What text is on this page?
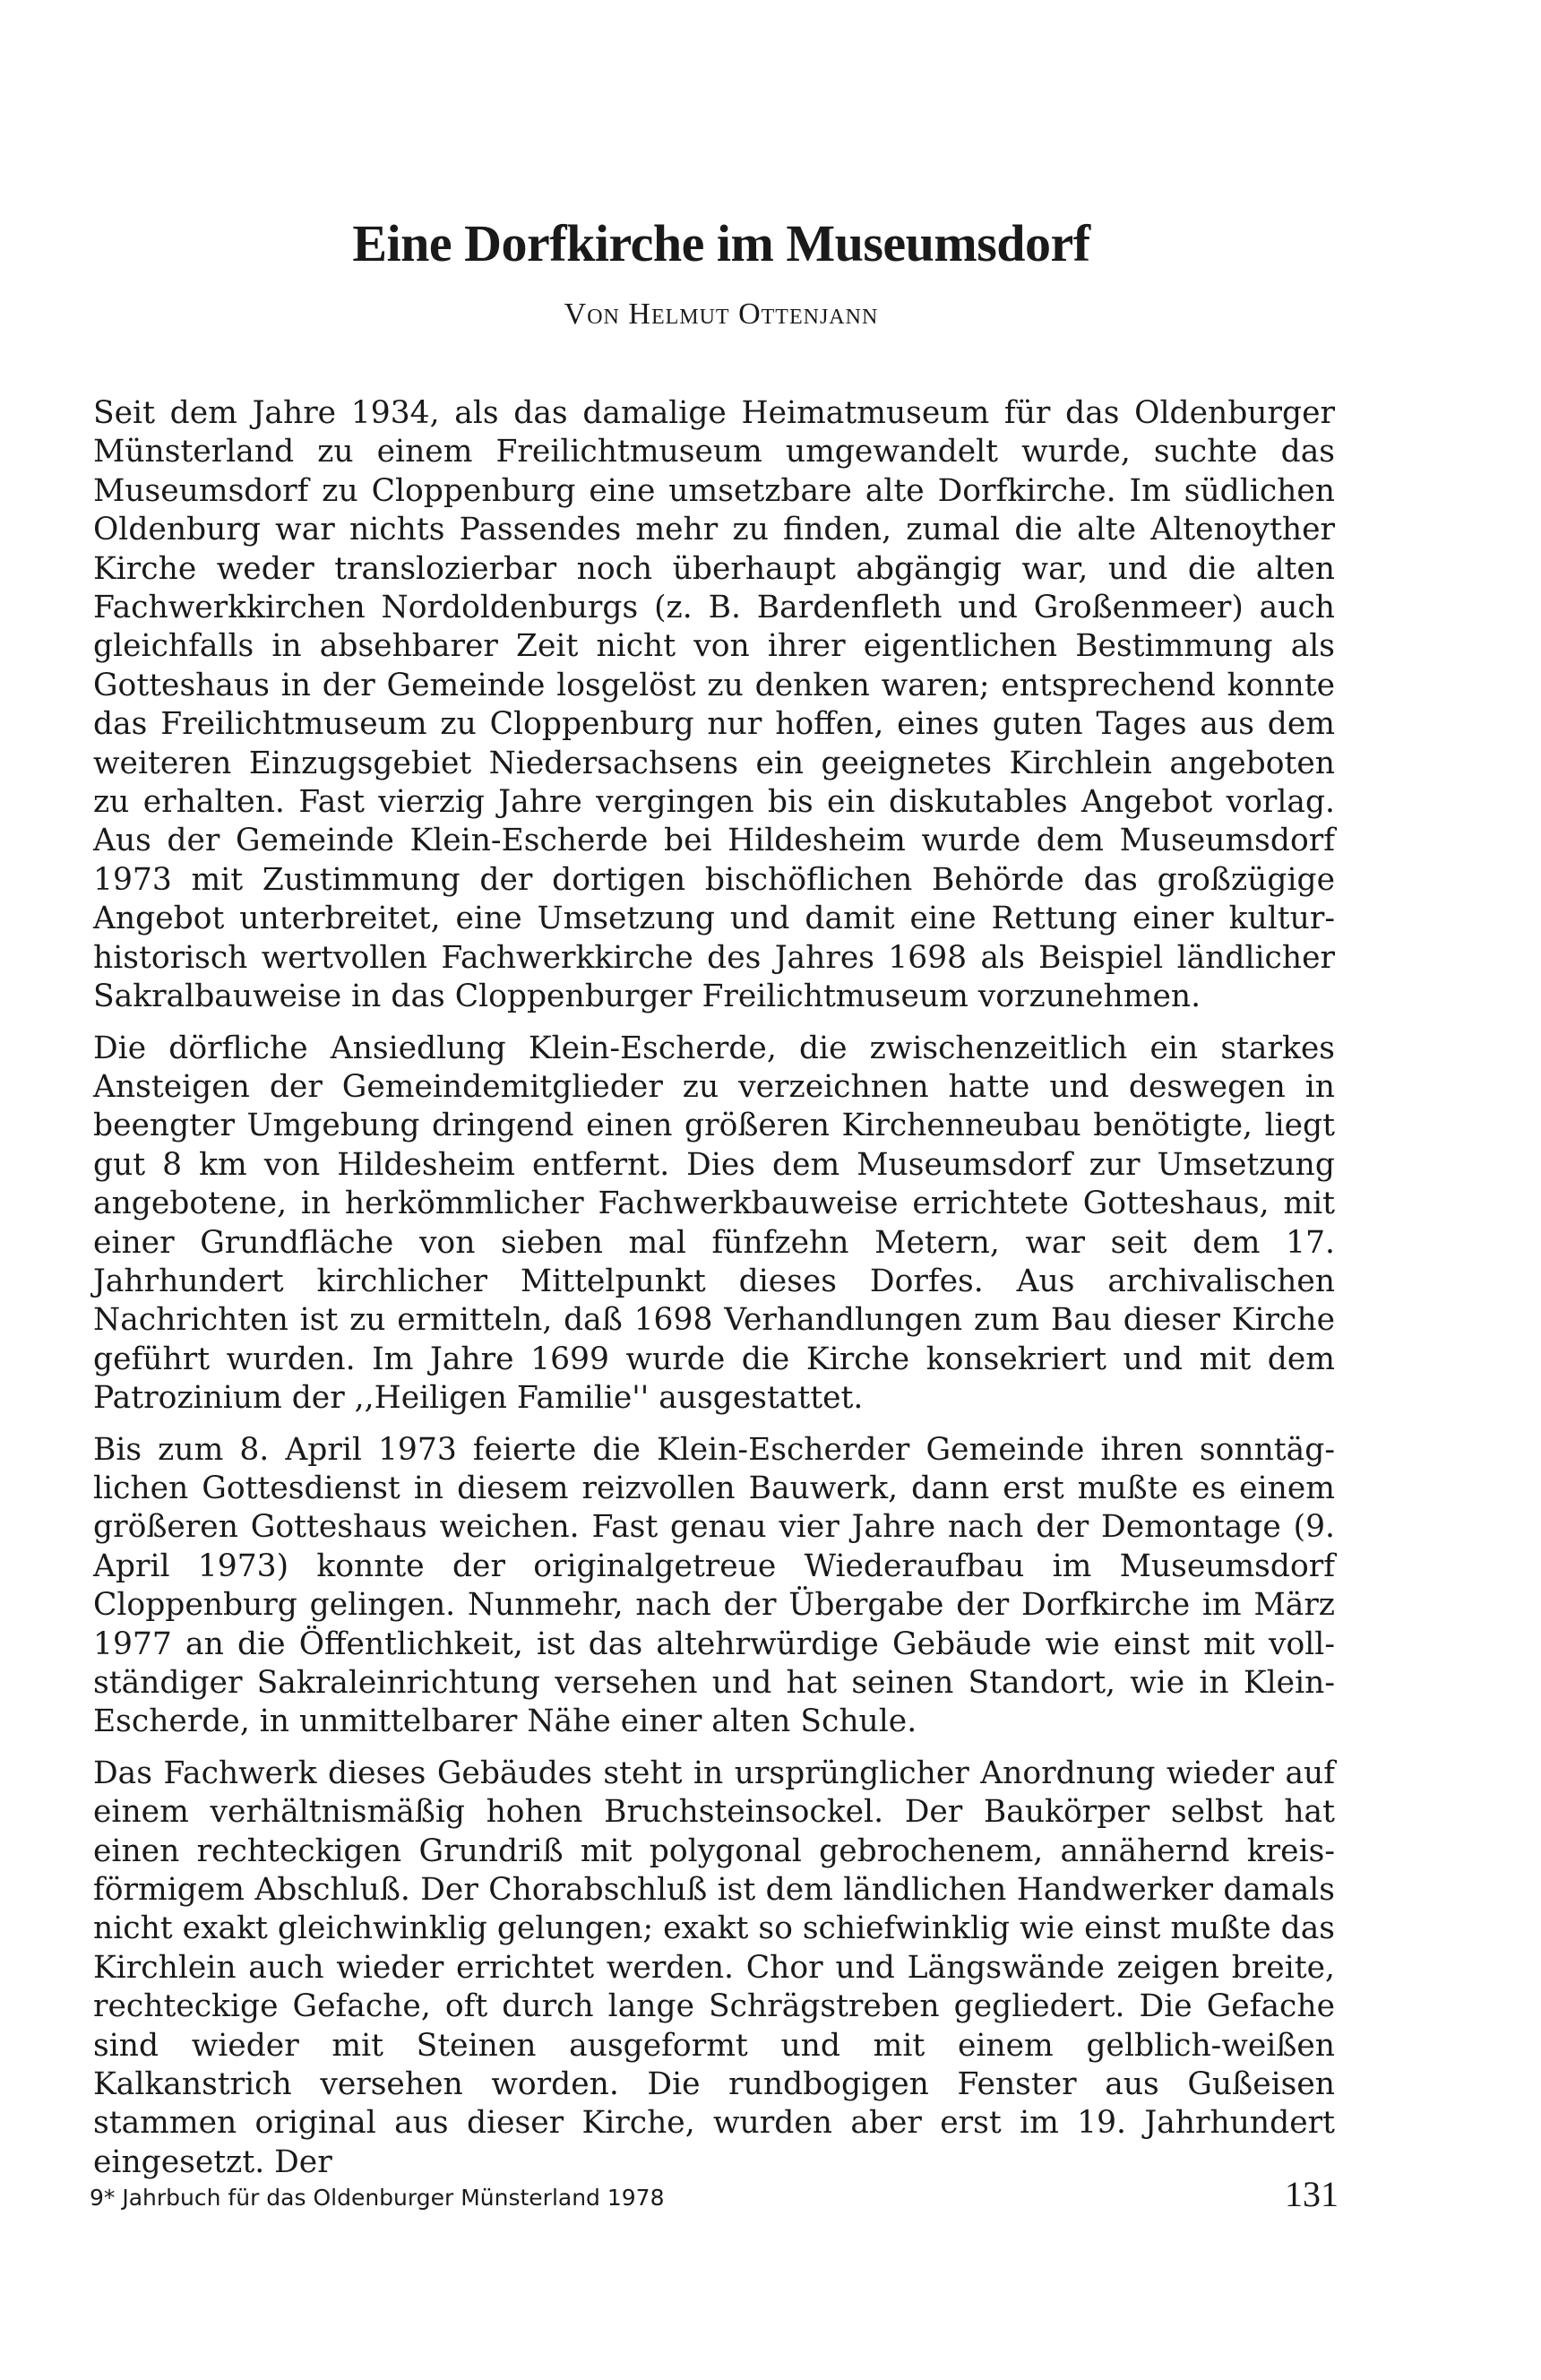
Eine Dorfkirche im Museumsdorf
Von Helmut Ottenjann

Seit dem Jahre 1934, als das damalige Heimatmuseum für das Oldenburger Münsterland zu einem Freilichtmuseum umgewandelt wurde, suchte das Museumsdorf zu Cloppenburg eine umsetzbare alte Dorfkirche. Im südlichen Oldenburg war nichts Passendes mehr zu finden, zumal die alte Altenoyther Kirche weder translozierbar noch überhaupt abgängig war, und die alten Fachwerkkirchen Nordoldenburgs (z. B. Bardenfleth und Großenmeer) auch gleichfalls in absehbarer Zeit nicht von ihrer eigentlichen Bestimmung als Gotteshaus in der Gemeinde losgelöst zu denken waren; entsprechend konnte das Freilichtmuseum zu Cloppenburg nur hoffen, eines guten Tages aus dem weiteren Einzugsgebiet Niedersachsens ein geeignetes Kirchlein angeboten zu erhalten. Fast vierzig Jahre vergingen bis ein diskutables Angebot vorlag. Aus der Gemeinde Klein-Escherde bei Hildesheim wurde dem Museumsdorf 1973 mit Zustimmung der dortigen bischöflichen Behörde das großzügige Angebot unterbreitet, eine Umsetzung und damit eine Rettung einer kulturhistorisch wertvollen Fachwerkkirche des Jahres 1698 als Beispiel ländlicher Sakralbauweise in das Cloppenburger Freilichtmuseum vorzunehmen.

Die dörfliche Ansiedlung Klein-Escherde, die zwischenzeitlich ein starkes Ansteigen der Gemeindemitglieder zu verzeichnen hatte und deswegen in beengter Umgebung dringend einen größeren Kirchenneubau benötigte, liegt gut 8 km von Hildesheim entfernt. Dies dem Museumsdorf zur Umsetzung angebotene, in herkömmlicher Fachwerkbauweise errichtete Gotteshaus, mit einer Grundfläche von sieben mal fünfzehn Metern, war seit dem 17. Jahrhundert kirchlicher Mittelpunkt dieses Dorfes. Aus archivalischen Nachrichten ist zu ermitteln, daß 1698 Verhandlungen zum Bau dieser Kirche geführt wurden. Im Jahre 1699 wurde die Kirche konsekriert und mit dem Patrozinium der ,,Heiligen Familie'' ausgestattet.

Bis zum 8. April 1973 feierte die Klein-Escherder Gemeinde ihren sonntäglichen Gottesdienst in diesem reizvollen Bauwerk, dann erst mußte es einem größeren Gotteshaus weichen. Fast genau vier Jahre nach der Demontage (9. April 1973) konnte der originalgetreue Wiederaufbau im Museumsdorf Cloppenburg gelingen. Nunmehr, nach der Übergabe der Dorfkirche im März 1977 an die Öffentlichkeit, ist das altehrwürdige Gebäude wie einst mit vollständiger Sakraleinrichtung versehen und hat seinen Standort, wie in Klein-Escherde, in unmittelbarer Nähe einer alten Schule.

Das Fachwerk dieses Gebäudes steht in ursprünglicher Anordnung wieder auf einem verhältnismäßig hohen Bruchsteinsockel. Der Baukörper selbst hat einen rechteckigen Grundriß mit polygonal gebrochenem, annähernd kreisförmigem Abschluß. Der Chorabschluß ist dem ländlichen Handwerker damals nicht exakt gleichwinklig gelungen; exakt so schiefwinklig wie einst mußte das Kirchlein auch wieder errichtet werden. Chor und Längswände zeigen breite, rechteckige Gefache, oft durch lange Schrägstreben gegliedert. Die Gefache sind wieder mit Steinen ausgeformt und mit einem gelblich-weißen Kalkanstrich versehen worden. Die rundbogigen Fenster aus Gußeisen stammen original aus dieser Kirche, wurden aber erst im 19. Jahrhundert eingesetzt. Der

9* Jahrbuch für das Oldenburger Münsterland 1978	131
